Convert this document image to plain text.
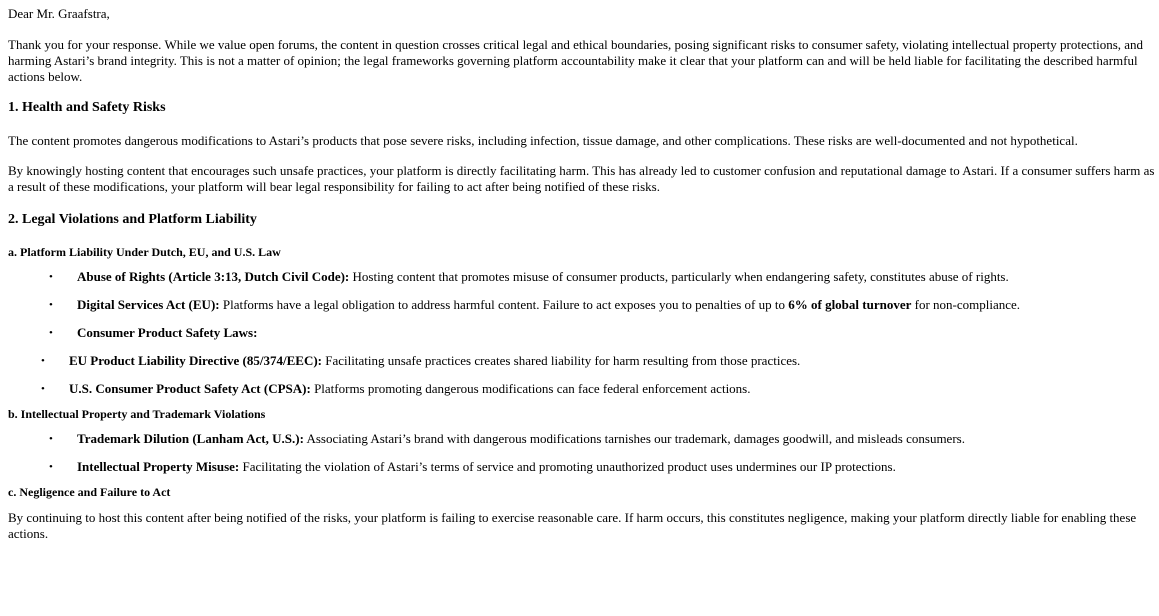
Dear Mr. Graafstra,

Thank you for your response. While we value open forums, the content in question crosses critical legal and ethical boundaries, posing significant risks to consumer safety, violating intellectual property protections, and harming Astari’s brand integrity. This is not a matter of opinion; the legal frameworks governing platform accountability make it clear that your platform can and will be held liable for facilitating the described harmful actions below.

1. Health and Safety Risks

The content promotes dangerous modifications to Astari’s products that pose severe risks, including infection, tissue damage, and other complications. These risks are well-documented and not hypothetical.

By knowingly hosting content that encourages such unsafe practices, your platform is directly facilitating harm. This has already led to customer confusion and reputational damage to Astari. If a consumer suffers harm as a result of these modifications, your platform will bear legal responsibility for failing to act after being notified of these risks.

2. Legal Violations and Platform Liability
a. Platform Liability Under Dutch, EU, and U.S. Law
• Abuse of Rights (Article 3:13, Dutch Civil Code): Hosting content that promotes misuse of consumer products, particularly when endangering safety, constitutes abuse of rights.
• Digital Services Act (EU): Platforms have a legal obligation to address harmful content. Failure to act exposes you to penalties of up to 6% of global turnover for non-compliance.
• Consumer Product Safety Laws:
• EU Product Liability Directive (85/374/EEC): Facilitating unsafe practices creates shared liability for harm resulting from those practices.
• U.S. Consumer Product Safety Act (CPSA): Platforms promoting dangerous modifications can face federal enforcement actions.
b. Intellectual Property and Trademark Violations
• Trademark Dilution (Lanham Act, U.S.): Associating Astari’s brand with dangerous modifications tarnishes our trademark, damages goodwill, and misleads consumers.
• Intellectual Property Misuse: Facilitating the violation of Astari’s terms of service and promoting unauthorized product uses undermines our IP protections.
c. Negligence and Failure to Act

By continuing to host this content after being notified of the risks, your platform is failing to exercise reasonable care. If harm occurs, this constitutes negligence, making your platform directly liable for enabling these actions.
